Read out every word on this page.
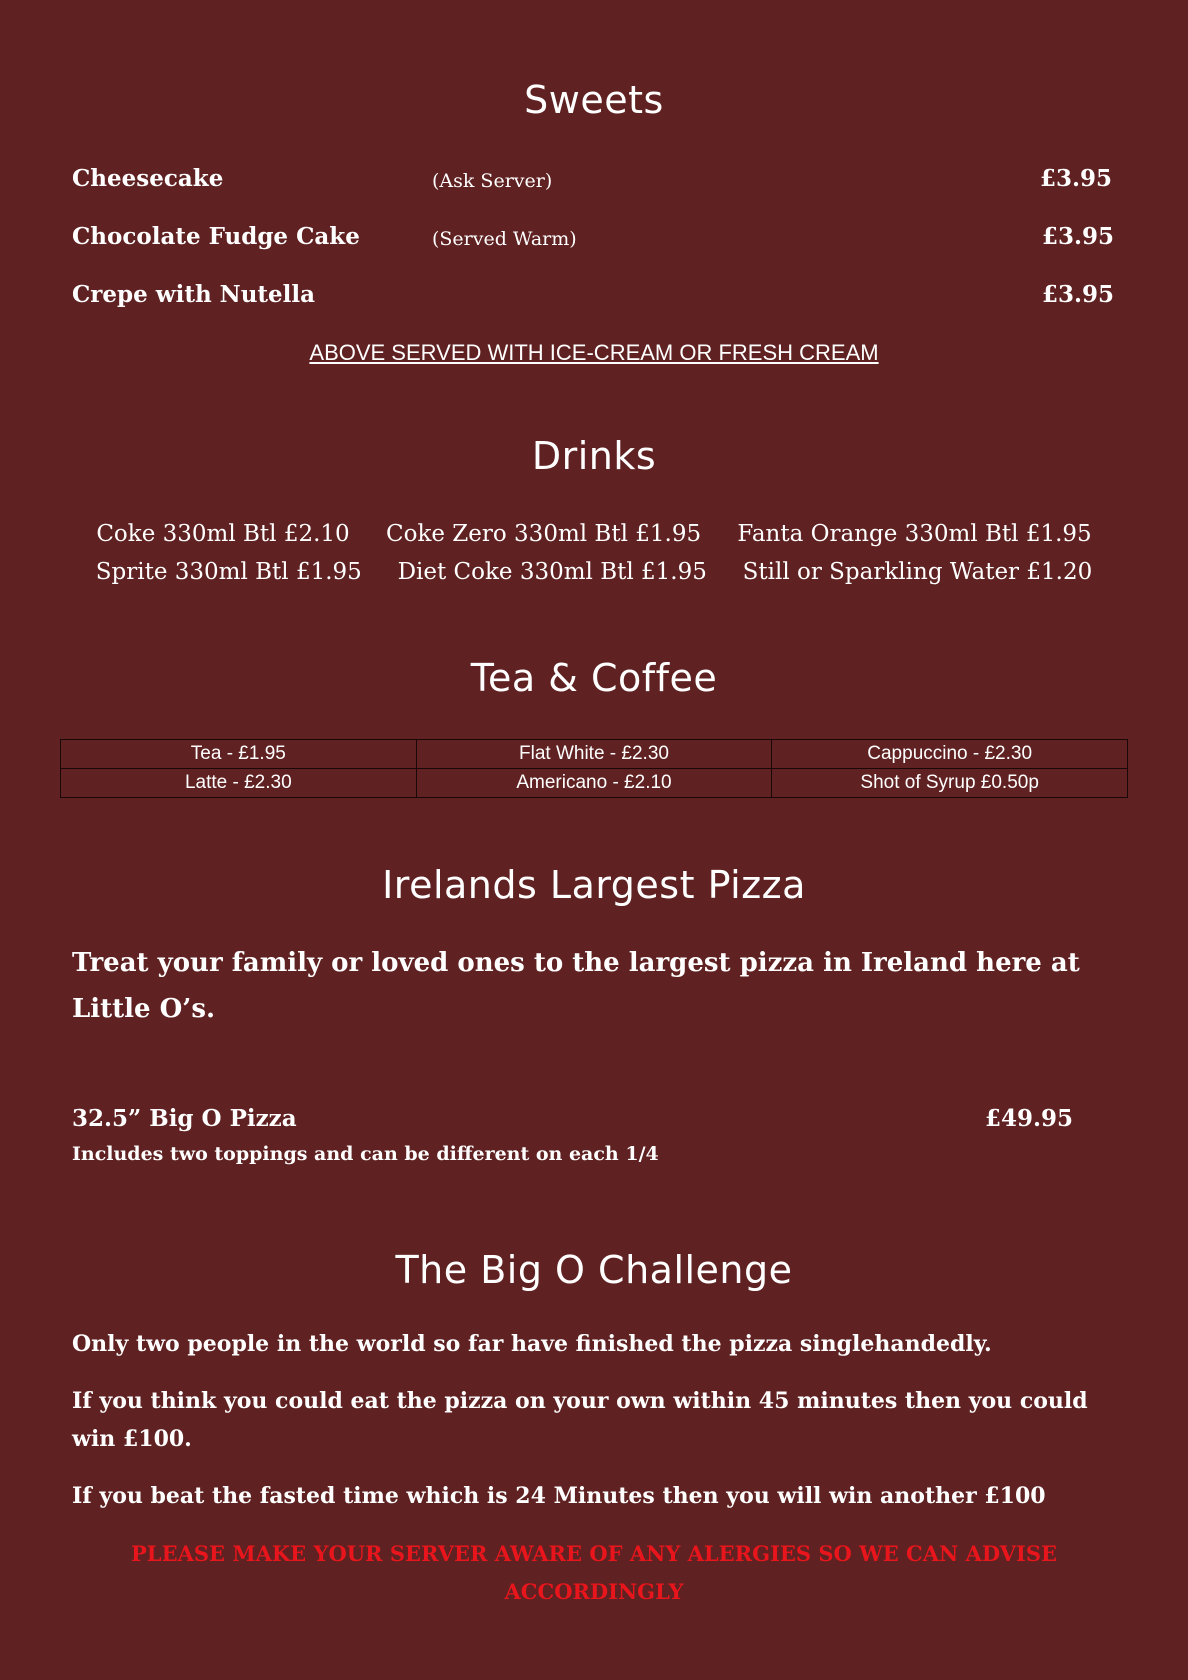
Sweets
Cheesecake	(Ask Server)	£3.95
Chocolate Fudge Cake	(Served Warm)	£3.95
Crepe with Nutella	£3.95
ABOVE SERVED WITH ICE-CREAM OR FRESH CREAM
Drinks
Coke 330ml Btl £2.10 Coke Zero 330ml Btl £1.95 Fanta Orange 330ml Btl £1.95
Sprite 330ml Btl £1.95 Diet Coke 330ml Btl £1.95 Still or Sparkling Water £1.20
Tea & Coffee
Tea - £1.95	Flat White - £2.30	Cappuccino - £2.30
Latte - £2.30	Americano - £2.10	Shot of Syrup £0.50p
Irelands Largest Pizza
Treat your family or loved ones to the largest pizza in Ireland here at Little O’s.
32.5” Big O Pizza	£49.95
Includes two toppings and can be different on each 1/4
The Big O Challenge
Only two people in the world so far have finished the pizza singlehandedly.
If you think you could eat the pizza on your own within 45 minutes then you could win £100.
If you beat the fasted time which is 24 Minutes then you will win another £100
PLEASE MAKE YOUR SERVER AWARE OF ANY ALERGIES SO WE CAN ADVISE ACCORDINGLY
